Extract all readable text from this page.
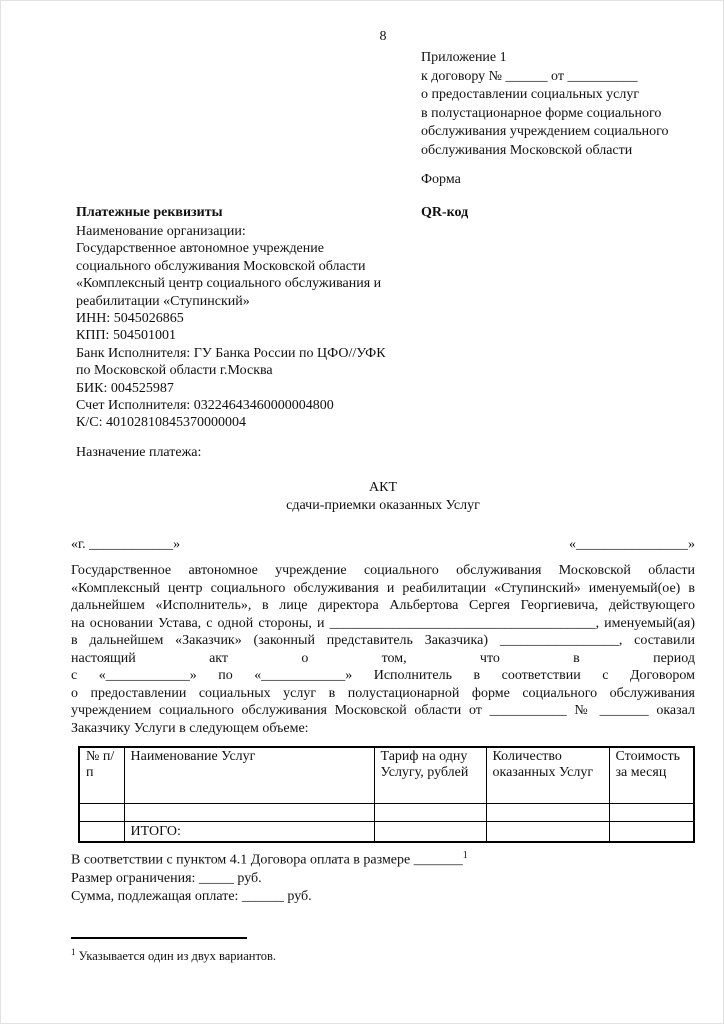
8
Приложение 1
к договору № ______ от __________
о предоставлении социальных услуг
в полустационарное форме социального
обслуживания учреждением социального
обслуживания Московской области
Форма
Платежные реквизиты	QR-код
Наименование организации:
Государственное автономное учреждение
социального обслуживания Московской области
«Комплексный центр социального обслуживания и
реабилитации «Ступинский»
ИНН: 5045026865
КПП: 504501001
Банк Исполнителя: ГУ Банка России по ЦФО//УФК
по Московской области г.Москва
БИК: 004525987
Счет Исполнителя: 03224643460000004800
К/С: 40102810845370000004
Назначение платежа:
АКТ
сдачи-приемки оказанных Услуг
«г. ____________»	«________________»
Государственное автономное учреждение социального обслуживания Московской области
«Комплексный центр социального обслуживания и реабилитации «Ступинский» именуемый(ое) в
дальнейшем «Исполнитель», в лице директора Альбертова Сергея Георгиевича, действующего
на основании Устава, с одной стороны, и ______________________________________, именуемый(ая)
в дальнейшем «Заказчик» (законный представитель Заказчика) _________________, составили
настоящий акт о том, что в период
с «____________» по «____________» Исполнитель в соответствии с Договором
о предоставлении социальных услуг в полустационарной форме социального обслуживания
учреждением социального обслуживания Московской области от ___________ № _______ оказал
Заказчику Услуги в следующем объеме:
№ п/ п	Наименование Услуг	Тариф на одну Услугу, рублей	Количество оказанных Услуг	Стоимость за месяц

	ИТОГО:			
В соответствии с пунктом 4.1 Договора оплата в размере _______$^1$
Размер ограничения: _____ руб.
Сумма, подлежащая оплате: ______ руб.
$^1$ Указывается один из двух вариантов.
